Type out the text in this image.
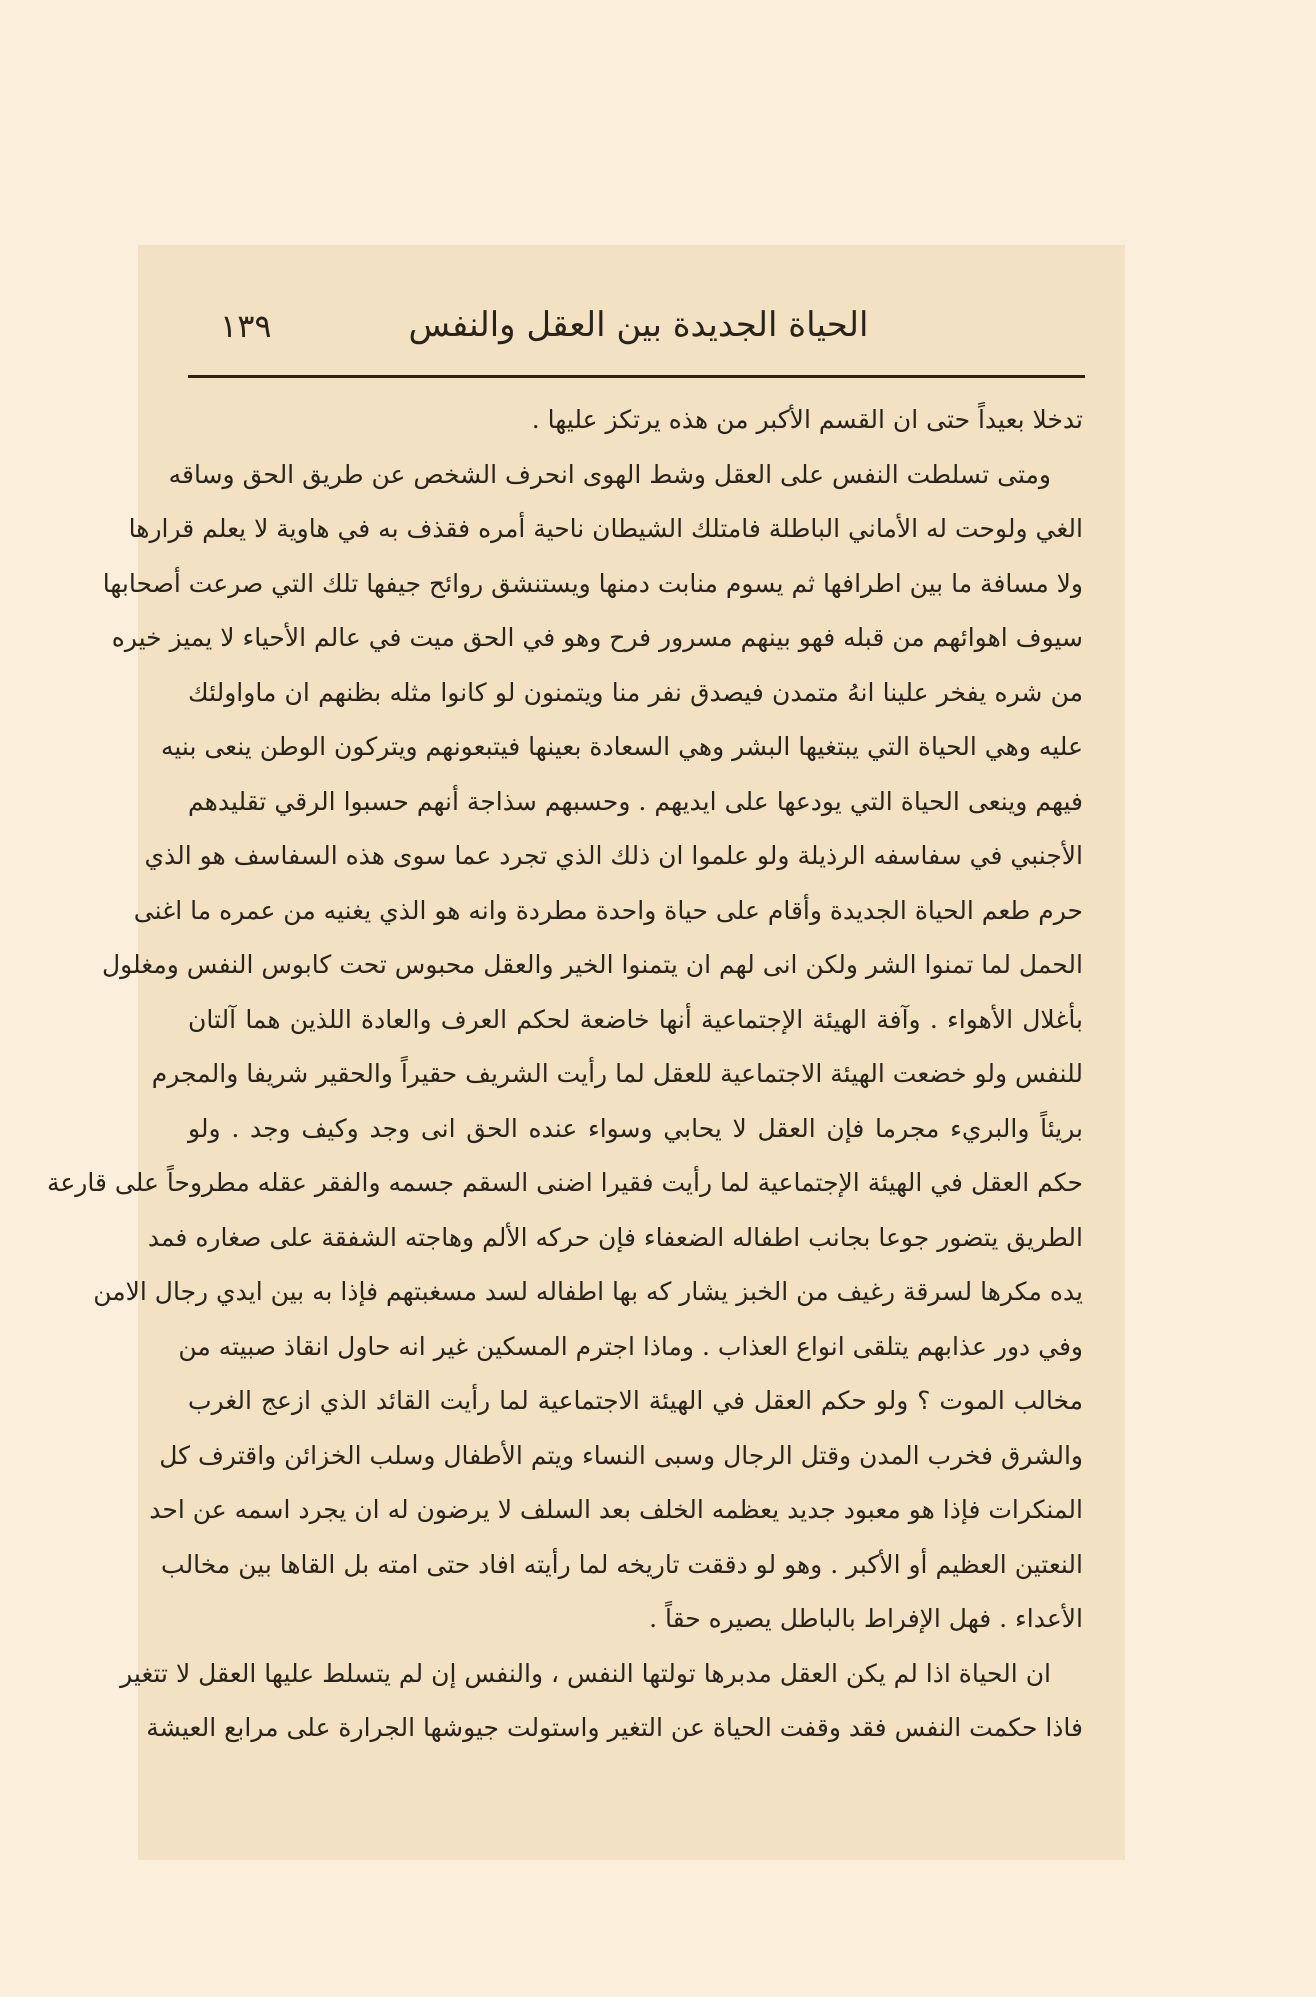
الحياة الجديدة بين العقل والنفس
١٣٩
تدخلا بعيداً حتى ان القسم الأكبر من هذه يرتكز عليها .
ومتى تسلطت النفس على العقل وشط الهوى انحرف الشخص عن طريق الحق وساقه
الغي ولوحت له الأماني الباطلة فامتلك الشيطان ناحية أمره فقذف به في هاوية لا يعلم قرارها
ولا مسافة ما بين اطرافها ثم يسوم منابت دمنها ويستنشق روائح جيفها تلك التي صرعت أصحابها
سيوف اهوائهم من قبله فهو بينهم مسرور فرح وهو في الحق ميت في عالم الأحياء لا يميز خيره
من شره يفخر علينا انهُ متمدن فيصدق نفر منا ويتمنون لو كانوا مثله بظنهم ان ماواولئك
عليه وهي الحياة التي يبتغيها البشر وهي السعادة بعينها فيتبعونهم ويتركون الوطن ينعى بنيه
فيهم وينعى الحياة التي يودعها على ايديهم . وحسبهم سذاجة أنهم حسبوا الرقي تقليدهم
الأجنبي في سفاسفه الرذيلة ولو علموا ان ذلك الذي تجرد عما سوى هذه السفاسف هو الذي
حرم طعم الحياة الجديدة وأقام على حياة واحدة مطردة وانه هو الذي يغنيه من عمره ما اغنى
الحمل لما تمنوا الشر ولكن انى لهم ان يتمنوا الخير والعقل محبوس تحت كابوس النفس ومغلول
بأغلال الأهواء . وآفة الهيئة الإجتماعية أنها خاضعة لحكم العرف والعادة اللذين هما آلتان
للنفس ولو خضعت الهيئة الاجتماعية للعقل لما رأيت الشريف حقيراً والحقير شريفا والمجرم
بريئاً والبريء مجرما فإن العقل لا يحابي وسواء عنده الحق انى وجد وكيف وجد . ولو
حكم العقل في الهيئة الإجتماعية لما رأيت فقيرا اضنى السقم جسمه والفقر عقله مطروحاً على قارعة
الطريق يتضور جوعا بجانب اطفاله الضعفاء فإن حركه الألم وهاجته الشفقة على صغاره فمد
يده مكرها لسرقة رغيف من الخبز يشار كه بها اطفاله لسد مسغبتهم فإذا به بين ايدي رجال الامن
وفي دور عذابهم يتلقى انواع العذاب . وماذا اجترم المسكين غير انه حاول انقاذ صبيته من
مخالب الموت ؟ ولو حكم العقل في الهيئة الاجتماعية لما رأيت القائد الذي ازعج الغرب
والشرق فخرب المدن وقتل الرجال وسبى النساء ويتم الأطفال وسلب الخزائن واقترف كل
المنكرات فإذا هو معبود جديد يعظمه الخلف بعد السلف لا يرضون له ان يجرد اسمه عن احد
النعتين العظيم أو الأكبر . وهو لو دققت تاريخه لما رأيته افاد حتى امته بل القاها بين مخالب
الأعداء . فهل الإفراط بالباطل يصيره حقاً .
ان الحياة اذا لم يكن العقل مدبرها تولتها النفس ، والنفس إن لم يتسلط عليها العقل لا تتغير
فاذا حكمت النفس فقد وقفت الحياة عن التغير واستولت جيوشها الجرارة على مرابع العيشة
